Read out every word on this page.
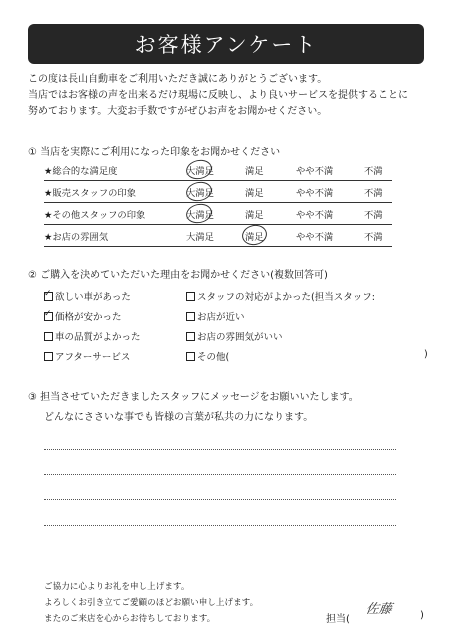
お客様アンケート
この度は長山自動車をご利用いただき誠にありがとうございます。
当店ではお客様の声を出来るだけ現場に反映し、より良いサービスを提供することに
努めております。大変お手数ですがぜひお声をお聞かせください。
① 当店を実際にご利用になった印象をお聞かせください
★総合的な満足度	大満足	満足	やや不満	不満
★販売スタッフの印象	大満足	満足	やや不満	不満
★その他スタッフの印象	大満足	満足	やや不満	不満
★お店の雰囲気	大満足	満足	やや不満	不満
② ご購入を決めていただいた理由をお聞かせください(複数回答可)
✓ 欲しい車があった	スタッフの対応がよかった(担当スタッフ:
✓ 価格が安かった	お店が近い
車の品質がよかった	お店の雰囲気がいい
アフターサービス	その他(	)
③ 担当させていただきましたスタッフにメッセージをお願いいたします。
どんなにささいな事でも皆様の言葉が私共の力になります。
ご協力に心よりお礼を申し上げます。
よろしくお引き立てご愛顧のほどお願い申し上げます。
またのご来店を心からお待ちしております。	担当(
佐藤	)
